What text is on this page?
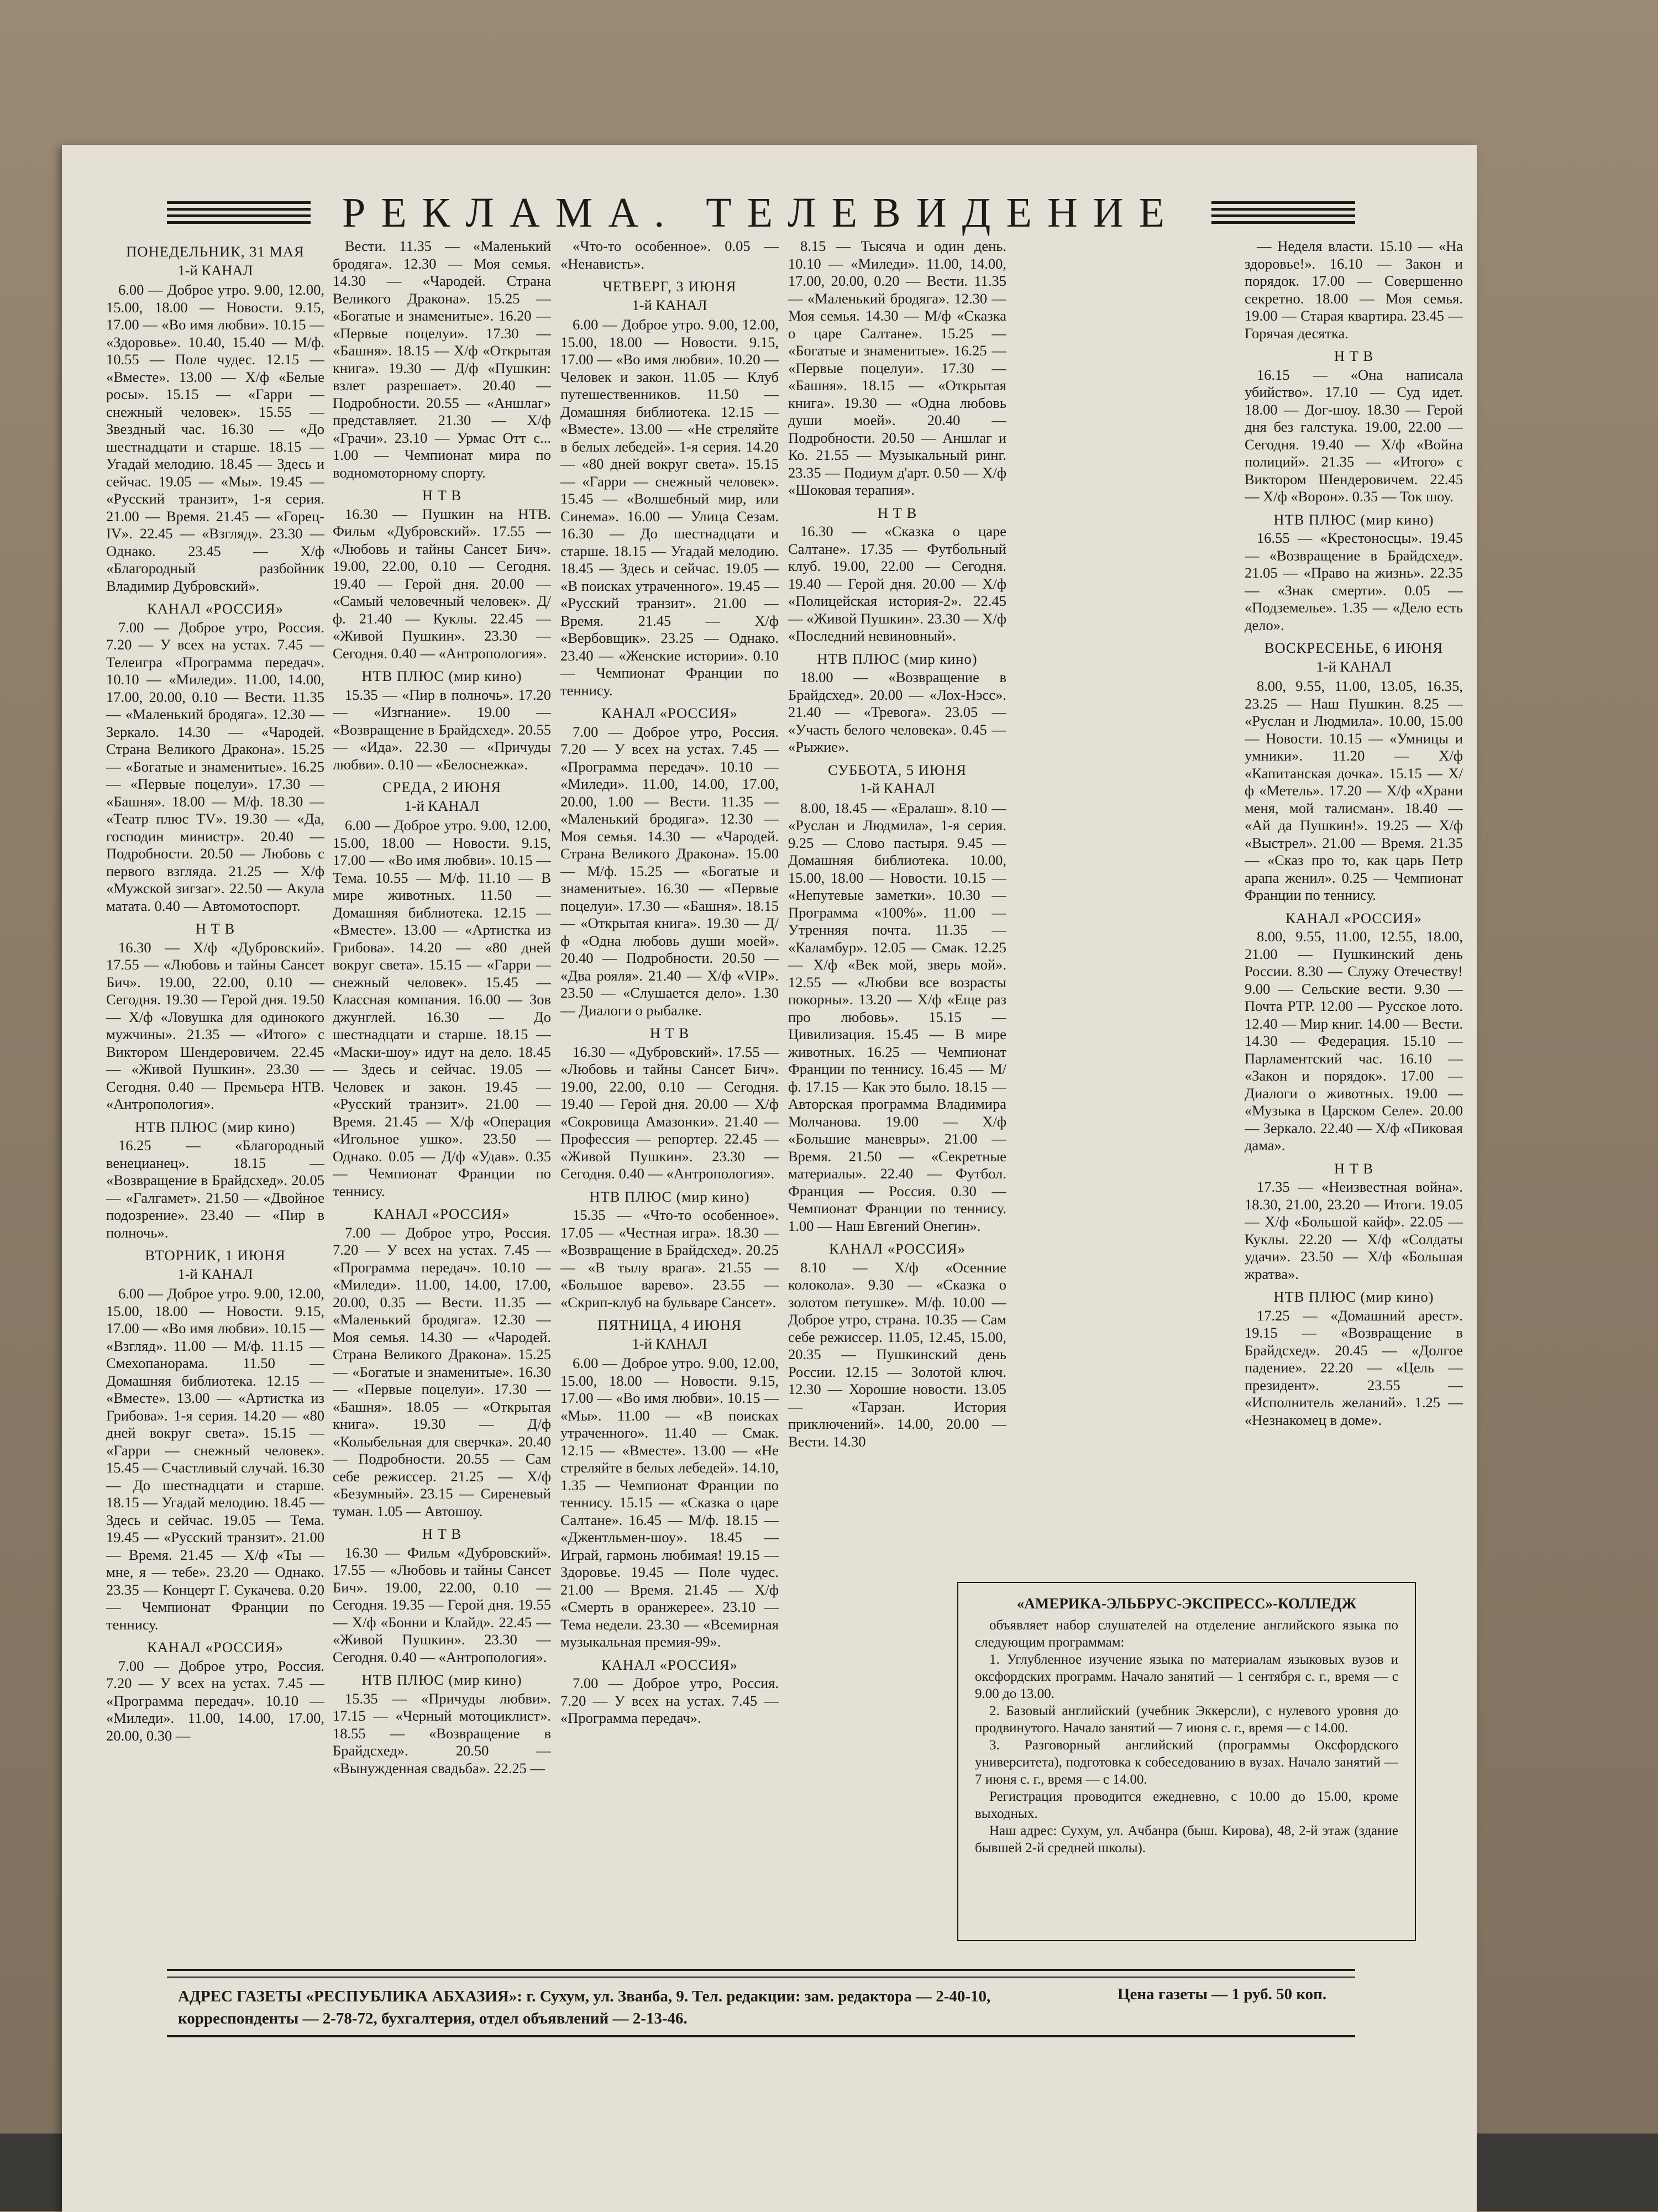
РЕКЛАМА. ТЕЛЕВИДЕНИЕ
ПОНЕДЕЛЬНИК, 31 МАЯ
1-й КАНАЛ

6.00 — Доброе утро. 9.00, 12.00, 15.00, 18.00 — Новости. 9.15, 17.00 — «Во имя любви». 10.15 — «Здоровье». 10.40, 15.40 — М/ф. 10.55 — Поле чудес. 12.15 — «Вместе». 13.00 — Х/ф «Белые росы». 15.15 — «Гарри — снежный человек». 15.55 — Звездный час. 16.30 — «До шестнадцати и старше. 18.15 — Угадай мелодию. 18.45 — Здесь и сейчас. 19.05 — «Мы». 19.45 — «Русский транзит», 1-я серия. 21.00 — Время. 21.45 — «Горец-IV». 22.45 — «Взгляд». 23.30 — Однако. 23.45 — Х/ф «Благородный разбойник Владимир Дубровский».

КАНАЛ «РОССИЯ»

7.00 — Доброе утро, Россия. 7.20 — У всех на устах. 7.45 — Телеигра «Программа передач». 10.10 — «Миледи». 11.00, 14.00, 17.00, 20.00, 0.10 — Вести. 11.35 — «Маленький бродяга». 12.30 — Зеркало. 14.30 — «Чародей. Страна Великого Дракона». 15.25 — «Богатые и знаменитые». 16.25 — «Первые поцелуи». 17.30 — «Башня». 18.00 — М/ф. 18.30 — «Театр плюс TV». 19.30 — «Да, господин министр». 20.40 — Подробности. 20.50 — Любовь с первого взгляда. 21.25 — Х/ф «Мужской зигзаг». 22.50 — Акула матата. 0.40 — Автомотоспорт.

Н Т В

16.30 — Х/ф «Дубровский». 17.55 — «Любовь и тайны Сансет Бич». 19.00, 22.00, 0.10 — Сегодня. 19.30 — Герой дня. 19.50 — Х/ф «Ловушка для одинокого мужчины». 21.35 — «Итого» с Виктором Шендеровичем. 22.45 — «Живой Пушкин». 23.30 — Сегодня. 0.40 — Премьера НТВ. «Антропология».

НТВ ПЛЮС (мир кино)

16.25 — «Благородный венецианец». 18.15 — «Возвращение в Брайдсхед». 20.05 — «Галгамет». 21.50 — «Двойное подозрение». 23.40 — «Пир в полночь».

ВТОРНИК, 1 ИЮНЯ
1-й КАНАЛ

6.00 — Доброе утро. 9.00, 12.00, 15.00, 18.00 — Новости. 9.15, 17.00 — «Во имя любви». 10.15 — «Взгляд». 11.00 — М/ф. 11.15 — Смехопанорама. 11.50 — Домашняя библиотека. 12.15 — «Вместе». 13.00 — «Артистка из Грибова». 1-я серия. 14.20 — «80 дней вокруг света». 15.15 — «Гарри — снежный человек». 15.45 — Счастливый случай. 16.30 — До шестнадцати и старше. 18.15 — Угадай мелодию. 18.45 — Здесь и сейчас. 19.05 — Тема. 19.45 — «Русский транзит». 21.00 — Время. 21.45 — Х/ф «Ты — мне, я — тебе». 23.20 — Однако. 23.35 — Концерт Г. Сукачева. 0.20 — Чемпионат Франции по теннису.

КАНАЛ «РОССИЯ»

7.00 — Доброе утро, Россия. 7.20 — У всех на устах. 7.45 — «Программа передач». 10.10 — «Миледи». 11.00, 14.00, 17.00, 20.00, 0.30 —

Вести. 11.35 — «Маленький бродяга». 12.30 — Моя семья. 14.30 — «Чародей. Страна Великого Дракона». 15.25 — «Богатые и знаменитые». 16.20 — «Первые поцелуи». 17.30 — «Башня». 18.15 — Х/ф «Открытая книга». 19.30 — Д/ф «Пушкин: взлет разрешает». 20.40 — Подробности. 20.55 — «Аншлаг» представляет. 21.30 — Х/ф «Грачи». 23.10 — Урмас Отт с... 1.00 — Чемпионат мира по водномоторному спорту.

Н Т В

16.30 — Пушкин на НТВ. Фильм «Дубровский». 17.55 — «Любовь и тайны Сансет Бич». 19.00, 22.00, 0.10 — Сегодня. 19.40 — Герой дня. 20.00 — «Самый человечный человек». Д/ф. 21.40 — Куклы. 22.45 — «Живой Пушкин». 23.30 — Сегодня. 0.40 — «Антропология».

НТВ ПЛЮС (мир кино)

15.35 — «Пир в полночь». 17.20 — «Изгнание». 19.00 — «Возвращение в Брайдсхед». 20.55 — «Ида». 22.30 — «Причуды любви». 0.10 — «Белоснежка».

СРЕДА, 2 ИЮНЯ
1-й КАНАЛ

6.00 — Доброе утро. 9.00, 12.00, 15.00, 18.00 — Новости. 9.15, 17.00 — «Во имя любви». 10.15 — Тема. 10.55 — М/ф. 11.10 — В мире животных. 11.50 — Домашняя библиотека. 12.15 — «Вместе». 13.00 — «Артистка из Грибова». 14.20 — «80 дней вокруг света». 15.15 — «Гарри — снежный человек». 15.45 — Классная компания. 16.00 — Зов джунглей. 16.30 — До шестнадцати и старше. 18.15 — «Маски-шоу» идут на дело. 18.45 — Здесь и сейчас. 19.05 — Человек и закон. 19.45 — «Русский транзит». 21.00 — Время. 21.45 — Х/ф «Операция «Игольное ушко». 23.50 — Однако. 0.05 — Д/ф «Удав». 0.35 — Чемпионат Франции по теннису.

КАНАЛ «РОССИЯ»

7.00 — Доброе утро, Россия. 7.20 — У всех на устах. 7.45 — «Программа передач». 10.10 — «Миледи». 11.00, 14.00, 17.00, 20.00, 0.35 — Вести. 11.35 — «Маленький бродяга». 12.30 — Моя семья. 14.30 — «Чародей. Страна Великого Дракона». 15.25 — «Богатые и знаменитые». 16.30 — «Первые поцелуи». 17.30 — «Башня». 18.05 — «Открытая книга». 19.30 — Д/ф «Колыбельная для сверчка». 20.40 — Подробности. 20.55 — Сам себе режиссер. 21.25 — Х/ф «Безумный». 23.15 — Сиреневый туман. 1.05 — Автошоу.

Н Т В

16.30 — Фильм «Дубровский». 17.55 — «Любовь и тайны Сансет Бич». 19.00, 22.00, 0.10 — Сегодня. 19.35 — Герой дня. 19.55 — Х/ф «Бонни и Клайд». 22.45 — «Живой Пушкин». 23.30 — Сегодня. 0.40 — «Антропология».

НТВ ПЛЮС (мир кино)

15.35 — «Причуды любви». 17.15 — «Черный мотоциклист». 18.55 — «Возвращение в Брайдсхед». 20.50 — «Вынужденная свадьба». 22.25 —

«Что-то особенное». 0.05 — «Ненависть».

ЧЕТВЕРГ, 3 ИЮНЯ
1-й КАНАЛ

6.00 — Доброе утро. 9.00, 12.00, 15.00, 18.00 — Новости. 9.15, 17.00 — «Во имя любви». 10.20 — Человек и закон. 11.05 — Клуб путешественников. 11.50 — Домашняя библиотека. 12.15 — «Вместе». 13.00 — «Не стреляйте в белых лебедей». 1-я серия. 14.20 — «80 дней вокруг света». 15.15 — «Гарри — снежный человек». 15.45 — «Волшебный мир, или Синема». 16.00 — Улица Сезам. 16.30 — До шестнадцати и старше. 18.15 — Угадай мелодию. 18.45 — Здесь и сейчас. 19.05 — «В поисках утраченного». 19.45 — «Русский транзит». 21.00 — Время. 21.45 — Х/ф «Вербовщик». 23.25 — Однако. 23.40 — «Женские истории». 0.10 — Чемпионат Франции по теннису.

КАНАЛ «РОССИЯ»

7.00 — Доброе утро, Россия. 7.20 — У всех на устах. 7.45 — «Программа передач». 10.10 — «Миледи». 11.00, 14.00, 17.00, 20.00, 1.00 — Вести. 11.35 — «Маленький бродяга». 12.30 — Моя семья. 14.30 — «Чародей. Страна Великого Дракона». 15.00 — М/ф. 15.25 — «Богатые и знаменитые». 16.30 — «Первые поцелуи». 17.30 — «Башня». 18.15 — «Открытая книга». 19.30 — Д/ф «Одна любовь души моей». 20.40 — Подробности. 20.50 — «Два рояля». 21.40 — Х/ф «VIP». 23.50 — «Слушается дело». 1.30 — Диалоги о рыбалке.

Н Т В

16.30 — «Дубровский». 17.55 — «Любовь и тайны Сансет Бич». 19.00, 22.00, 0.10 — Сегодня. 19.40 — Герой дня. 20.00 — Х/ф «Сокровища Амазонки». 21.40 — Профессия — репортер. 22.45 — «Живой Пушкин». 23.30 — Сегодня. 0.40 — «Антропология».

НТВ ПЛЮС (мир кино)

15.35 — «Что-то особенное». 17.05 — «Честная игра». 18.30 — «Возвращение в Брайдсхед». 20.25 — «В тылу врага». 21.55 — «Большое варево». 23.55 — «Скрип-клуб на бульваре Сансет».

ПЯТНИЦА, 4 ИЮНЯ
1-й КАНАЛ

6.00 — Доброе утро. 9.00, 12.00, 15.00, 18.00 — Новости. 9.15, 17.00 — «Во имя любви». 10.15 — «Мы». 11.00 — «В поисках утраченного». 11.40 — Смак. 12.15 — «Вместе». 13.00 — «Не стреляйте в белых лебедей». 14.10, 1.35 — Чемпионат Франции по теннису. 15.15 — «Сказка о царе Салтане». 16.45 — М/ф. 18.15 — «Джентльмен-шоу». 18.45 — Играй, гармонь любимая! 19.15 — Здоровье. 19.45 — Поле чудес. 21.00 — Время. 21.45 — Х/ф «Смерть в оранжерее». 23.10 — Тема недели. 23.30 — «Всемирная музыкальная премия-99».

КАНАЛ «РОССИЯ»

7.00 — Доброе утро, Россия. 7.20 — У всех на устах. 7.45 — «Программа передач».

8.15 — Тысяча и один день. 10.10 — «Миледи». 11.00, 14.00, 17.00, 20.00, 0.20 — Вести. 11.35 — «Маленький бродяга». 12.30 — Моя семья. 14.30 — М/ф «Сказка о царе Салтане». 15.25 — «Богатые и знаменитые». 16.25 — «Первые поцелуи». 17.30 — «Башня». 18.15 — «Открытая книга». 19.30 — «Одна любовь души моей». 20.40 — Подробности. 20.50 — Аншлаг и Ко. 21.55 — Музыкальный ринг. 23.35 — Подиум д'арт. 0.50 — Х/ф «Шоковая терапия».

Н Т В

16.30 — «Сказка о царе Салтане». 17.35 — Футбольный клуб. 19.00, 22.00 — Сегодня. 19.40 — Герой дня. 20.00 — Х/ф «Полицейская история-2». 22.45 — «Живой Пушкин». 23.30 — Х/ф «Последний невиновный».

НТВ ПЛЮС (мир кино)

18.00 — «Возвращение в Брайдсхед». 20.00 — «Лох-Нэсс». 21.40 — «Тревога». 23.05 — «Участь белого человека». 0.45 — «Рыжие».

СУББОТА, 5 ИЮНЯ
1-й КАНАЛ

8.00, 18.45 — «Ералаш». 8.10 — «Руслан и Людмила», 1-я серия. 9.25 — Слово пастыря. 9.45 — Домашняя библиотека. 10.00, 15.00, 18.00 — Новости. 10.15 — «Непутевые заметки». 10.30 — Программа «100%». 11.00 — Утренняя почта. 11.35 — «Каламбур». 12.05 — Смак. 12.25 — Х/ф «Век мой, зверь мой». 12.55 — «Любви все возрасты покорны». 13.20 — Х/ф «Еще раз про любовь». 15.15 — Цивилизация. 15.45 — В мире животных. 16.25 — Чемпионат Франции по теннису. 16.45 — М/ф. 17.15 — Как это было. 18.15 — Авторская программа Владимира Молчанова. 19.00 — Х/ф «Большие маневры». 21.00 — Время. 21.50 — «Секретные материалы». 22.40 — Футбол. Франция — Россия. 0.30 — Чемпионат Франции по теннису. 1.00 — Наш Евгений Онегин».

КАНАЛ «РОССИЯ»

8.10 — Х/ф «Осенние колокола». 9.30 — «Сказка о золотом петушке». М/ф. 10.00 — Доброе утро, страна. 10.35 — Сам себе режиссер. 11.05, 12.45, 15.00, 20.35 — Пушкинский день России. 12.15 — Золотой ключ. 12.30 — Хорошие новости. 13.05 — «Тарзан. История приключений». 14.00, 20.00 — Вести. 14.30

— Неделя власти. 15.10 — «На здоровье!». 16.10 — Закон и порядок. 17.00 — Совершенно секретно. 18.00 — Моя семья. 19.00 — Старая квартира. 23.45 — Горячая десятка.

Н Т В

16.15 — «Она написала убийство». 17.10 — Суд идет. 18.00 — Дог-шоу. 18.30 — Герой дня без галстука. 19.00, 22.00 — Сегодня. 19.40 — Х/ф «Война полиций». 21.35 — «Итого» с Виктором Шендеровичем. 22.45 — Х/ф «Ворон». 0.35 — Ток шоу.

НТВ ПЛЮС (мир кино)

16.55 — «Крестоносцы». 19.45 — «Возвращение в Брайдсхед». 21.05 — «Право на жизнь». 22.35 — «Знак смерти». 0.05 — «Подземелье». 1.35 — «Дело есть дело».

ВОСКРЕСЕНЬЕ, 6 ИЮНЯ
1-й КАНАЛ

8.00, 9.55, 11.00, 13.05, 16.35, 23.25 — Наш Пушкин. 8.25 — «Руслан и Людмила». 10.00, 15.00 — Новости. 10.15 — «Умницы и умники». 11.20 — Х/ф «Капитанская дочка». 15.15 — Х/ф «Метель». 17.20 — Х/ф «Храни меня, мой талисман». 18.40 — «Ай да Пушкин!». 19.25 — Х/ф «Выстрел». 21.00 — Время. 21.35 — «Сказ про то, как царь Петр арапа женил». 0.25 — Чемпионат Франции по теннису.

КАНАЛ «РОССИЯ»

8.00, 9.55, 11.00, 12.55, 18.00, 21.00 — Пушкинский день России. 8.30 — Служу Отечеству! 9.00 — Сельские вести. 9.30 — Почта РТР. 12.00 — Русское лото. 12.40 — Мир книг. 14.00 — Вести. 14.30 — Федерация. 15.10 — Парламентский час. 16.10 — «Закон и порядок». 17.00 — Диалоги о животных. 19.00 — «Музыка в Царском Селе». 20.00 — Зеркало. 22.40 — Х/ф «Пиковая дама».

Н Т В

17.35 — «Неизвестная война». 18.30, 21.00, 23.20 — Итоги. 19.05 — Х/ф «Большой кайф». 22.05 — Куклы. 22.20 — Х/ф «Солдаты удачи». 23.50 — Х/ф «Большая жратва».

НТВ ПЛЮС (мир кино)

17.25 — «Домашний арест». 19.15 — «Возвращение в Брайдсхед». 20.45 — «Долгое падение». 22.20 — «Цель — президент». 23.55 — «Исполнитель желаний». 1.25 — «Незнакомец в доме».

«АМЕРИКА-ЭЛЬБРУС-ЭКСПРЕСС»-КОЛЛЕДЖ

объявляет набор слушателей на отделение английского языка по следующим программам:

1. Углубленное изучение языка по материалам языковых вузов и оксфордских программ. Начало занятий — 1 сентября с. г., время — с 9.00 до 13.00.

2. Базовый английский (учебник Эккерсли), с нулевого уровня до продвинутого. Начало занятий — 7 июня с. г., время — с 14.00.

3. Разговорный английский (программы Оксфордского университета), подготовка к собеседованию в вузах. Начало занятий — 7 июня с. г., время — с 14.00.

Регистрация проводится ежедневно, с 10.00 до 15.00, кроме выходных.

Наш адрес: Сухум, ул. Ачбанра (быш. Кирова), 48, 2-й этаж (здание бывшей 2-й средней школы).

АДРЕС ГАЗЕТЫ «РЕСПУБЛИКА АБХАЗИЯ»: г. Сухум, ул. Званба, 9. Тел. редакции: зам. редактора — 2-40-10, корреспонденты — 2-78-72, бухгалтерия, отдел объявлений — 2-13-46.
Цена газеты — 1 руб. 50 коп.
